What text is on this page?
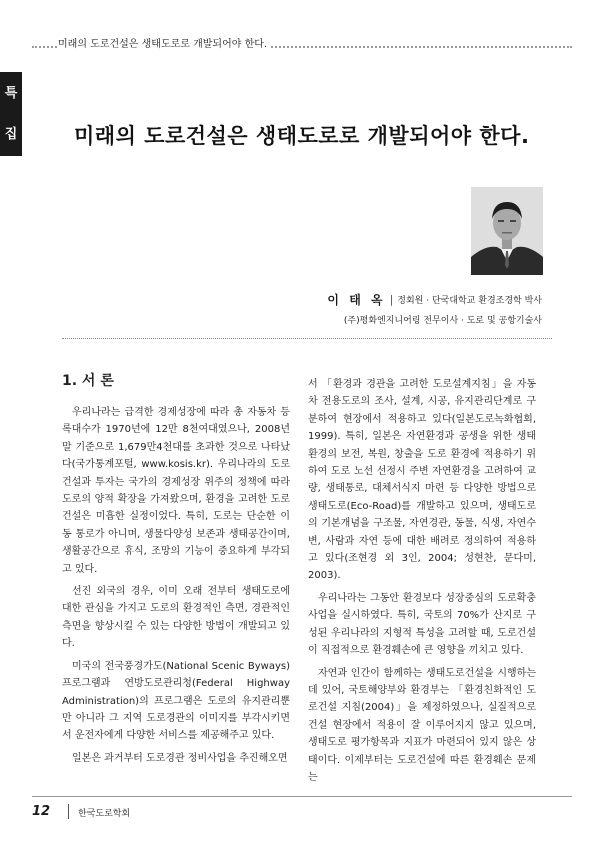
미래의 도로건설은 생태도로로 개발되어야 한다.
특
집	미래의 도로건설은 생태도로로 개발되어야 한다.
이 태 옥 | 정회원 · 단국대학교 환경조경학 박사
(주)평화엔지니어링 전무이사 · 도로 및 공항기술사
1. 서 론

우리나라는 급격한 경제성장에 따라 총 자동차 등록대수가 1970년에 12만 8천여대였으나, 2008년 말 기준으로 1,679만4천대를 초과한 것으로 나타났다(국가통계포털, www.kosis.kr). 우리나라의 도로건설과 투자는 국가의 경제성장 위주의 정책에 따라 도로의 양적 확장을 가져왔으며, 환경을 고려한 도로건설은 미흡한 실정이었다. 특히, 도로는 단순한 이동 통로가 아니며, 생물다양성 보존과 생태공간이며, 생활공간으로 휴식, 조망의 기능이 중요하게 부각되고 있다.

선진 외국의 경우, 이미 오래 전부터 생태도로에 대한 관심을 가지고 도로의 환경적인 측면, 경관적인 측면을 향상시킬 수 있는 다양한 방법이 개발되고 있다.

미국의 전국풍경가도(National Scenic Byways) 프로그램과 연방도로관리청(Federal Highway Administration)의 프로그램은 도로의 유지관리뿐만 아니라 그 지역 도로경관의 이미지를 부각시키면서 운전자에게 다양한 서비스를 제공해주고 있다.

일본은 과거부터 도로경관 정비사업을 추진해오면

서 「환경과 경관을 고려한 도로설계지침」을 자동차 전용도로의 조사, 설계, 시공, 유지관리단계로 구분하여 현장에서 적용하고 있다(일본도로녹화협회, 1999). 특히, 일본은 자연환경과 공생을 위한 생태환경의 보전, 복원, 창출을 도로 환경에 적용하기 위하여 도로 노선 선정시 주변 자연환경을 고려하여 교량, 생태통로, 대체서식지 마련 등 다양한 방법으로 생태도로(Eco-Road)를 개발하고 있으며, 생태도로의 기본개념을 구조물, 자연경관, 동물, 식생, 자연수변, 사람과 자연 등에 대한 배려로 정의하여 적용하고 있다(조현경 외 3인, 2004; 성현찬, 문다미, 2003).

우리나라는 그동안 환경보다 성장중심의 도로확충사업을 실시하였다. 특히, 국토의 70%가 산지로 구성된 우리나라의 지형적 특성을 고려할 때, 도로건설이 직접적으로 환경훼손에 큰 영향을 끼치고 있다.

자연과 인간이 함께하는 생태도로건설을 시행하는데 있어, 국토해양부와 환경부는 「환경친화적인 도로건설 지침(2004)」을 제정하였으나, 실질적으로 건설 현장에서 적용이 잘 이루어지지 않고 있으며, 생태도로 평가항목과 지표가 마련되어 있지 않은 상태이다. 이제부터는 도로건설에 따른 환경훼손 문제는

12	한국도로학회
